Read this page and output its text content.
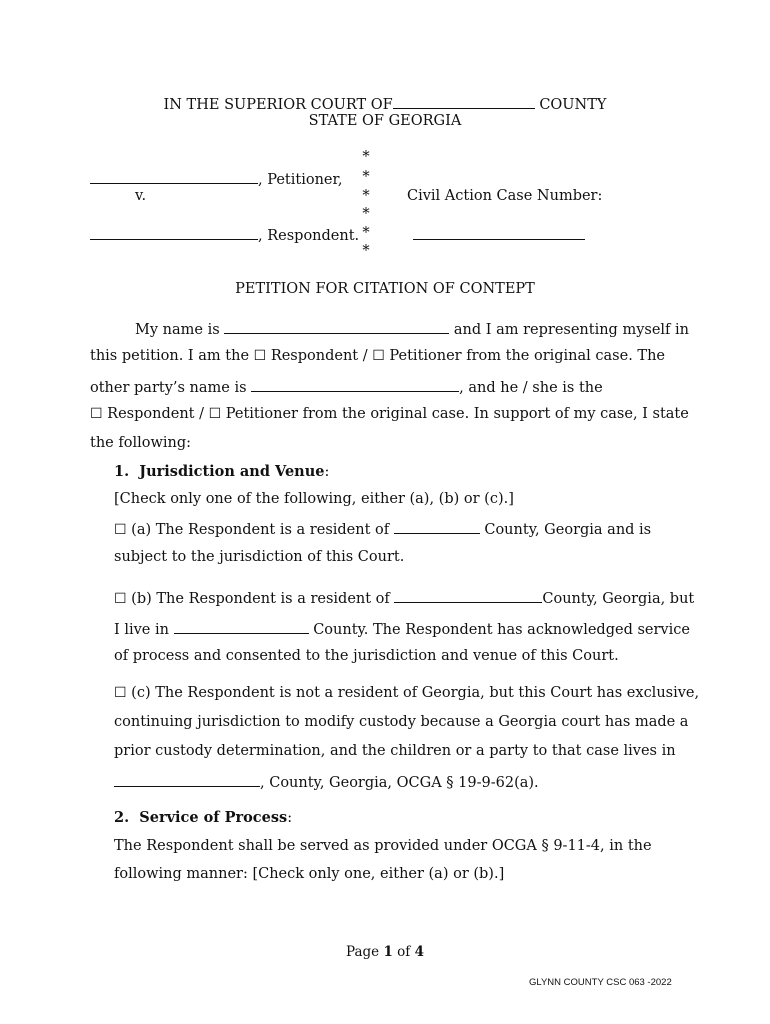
IN THE SUPERIOR COURT OF	COUNTY
STATE OF GEORGIA
*
, Petitioner,	*
v.	*	Civil Action Case Number:
*
, Respondent. *
*
PETITION FOR CITATION OF CONTEPT
My name is	and I am representing myself in
this petition. I am the ☐ Respondent / ☐ Petitioner from the original case. The
other party’s name is	, and he / she is the
☐ Respondent / ☐ Petitioner from the original case. In support of my case, I state
the following:
1. Jurisdiction and Venue:
[Check only one of the following, either (a), (b) or (c).]
☐ (a) The Respondent is a resident of	County, Georgia and is
subject to the jurisdiction of this Court.
☐ (b) The Respondent is a resident of	County, Georgia, but
I live in	County. The Respondent has acknowledged service
of process and consented to the jurisdiction and venue of this Court.
☐ (c) The Respondent is not a resident of Georgia, but this Court has exclusive,
continuing jurisdiction to modify custody because a Georgia court has made a
prior custody determination, and the children or a party to that case lives in
, County, Georgia, OCGA § 19-9-62(a).
2. Service of Process:
The Respondent shall be served as provided under OCGA § 9-11-4, in the
following manner: [Check only one, either (a) or (b).]
Page 1 of 4
GLYNN COUNTY CSC 063 -2022
